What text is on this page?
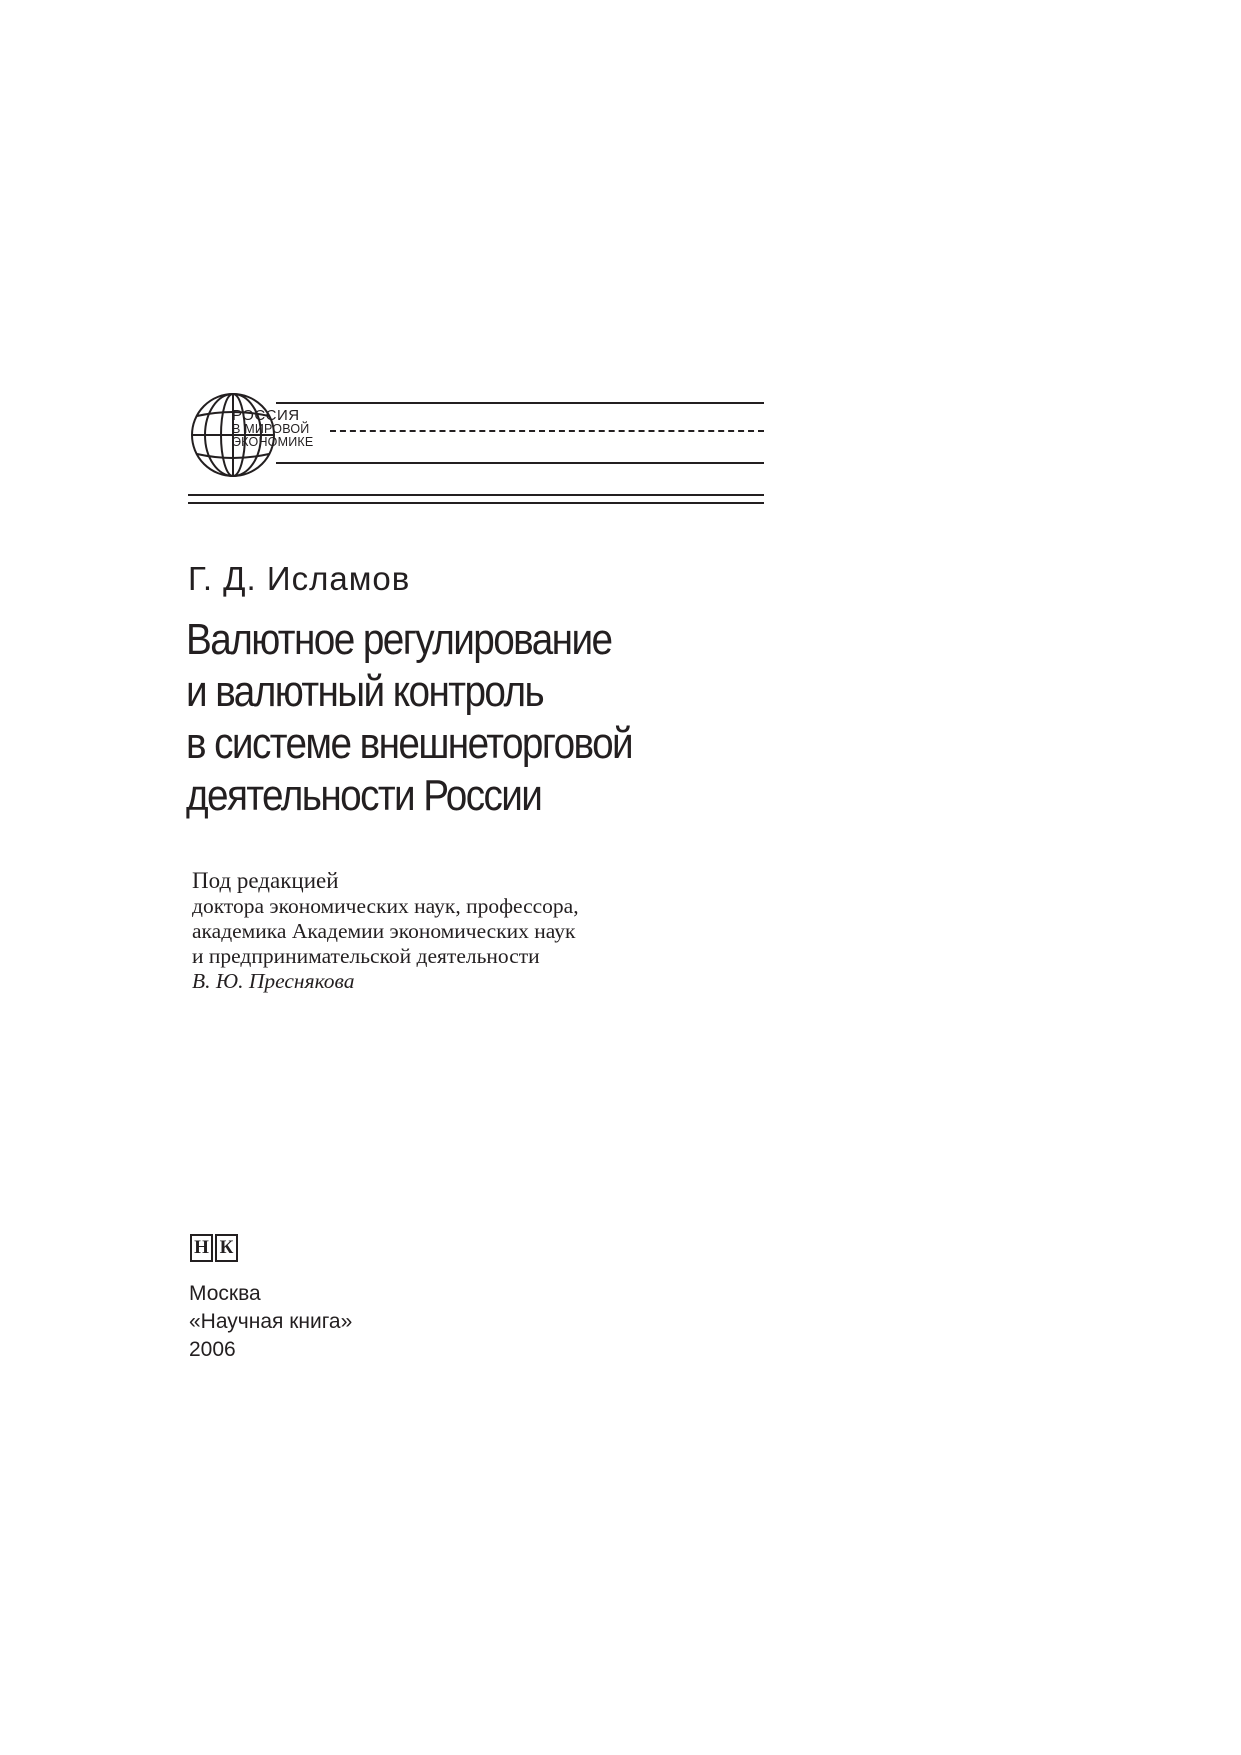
РОССИЯ
В МИРОВОЙ
ЭКОНОМИКЕ
Г. Д. Исламов
Валютное регулирование
и валютный контроль
в системе внешнеторговой
деятельности России
Под редакцией
доктора экономических наук, профессора,
академика Академии экономических наук
и предпринимательской деятельности
В. Ю. Преснякова
Н К
Москва
«Научная книга»
2006
